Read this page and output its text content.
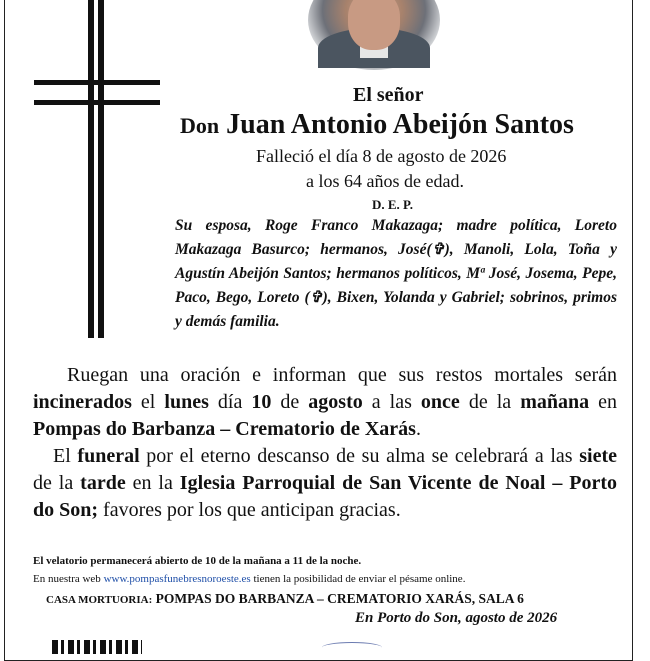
El señor
Don Juan Antonio Abeijón Santos
Falleció el día 8 de agosto de 2026
a los 64 años de edad.
D. E. P.
Su esposa, Roge Franco Makazaga; madre política, Loreto Makazaga Basurco; hermanos, José(✞), Manoli, Lola, Toña y Agustín Abeijón Santos; hermanos políticos, Mª José, Josema, Pepe, Paco, Bego, Loreto (✞), Bixen, Yolanda y Gabriel; sobrinos, primos y demás familia.
Ruegan una oración e informan que sus restos mortales serán incinerados el lunes día 10 de agosto a las once de la mañana en Pompas do Barbanza – Crematorio de Xarás.
El funeral por el eterno descanso de su alma se celebrará a las siete de la tarde en la Iglesia Parroquial de San Vicente de Noal – Porto do Son; favores por los que anticipan gracias.
El velatorio permanecerá abierto de 10 de la mañana a 11 de la noche.
En nuestra web www.pompasfunebresnoroeste.es tienen la posibilidad de enviar el pésame online.
CASA MORTUORIA: POMPAS DO BARBANZA – CREMATORIO XARÁS, SALA 6
En Porto do Son, agosto de 2026
